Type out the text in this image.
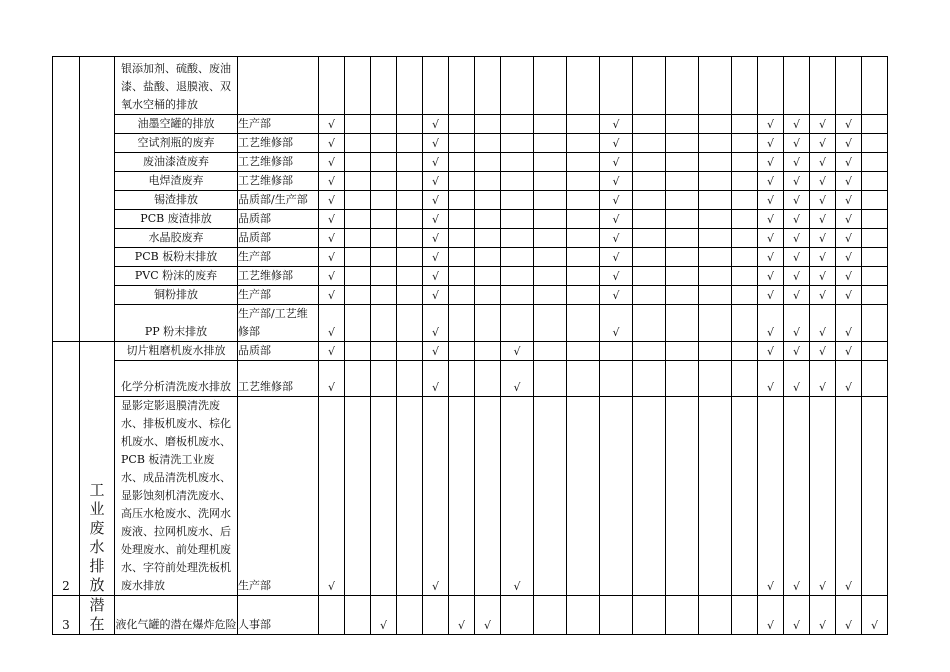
		银添加剂、硫酸、废油漆、盐酸、退膜液、双氧水空桶的排放																					
		油墨空罐的排放	生产部	√				√						√					√	√	√	√	
		空试剂瓶的废弃	工艺维修部	√				√						√					√	√	√	√	
		废油漆渣废弃	工艺维修部	√				√						√					√	√	√	√	
		电焊渣废弃	工艺维修部	√				√						√					√	√	√	√	
		锡渣排放	品质部/生产部	√				√						√					√	√	√	√	
		PCB 废渣排放	品质部	√				√						√					√	√	√	√	
		水晶胶废弃	品质部	√				√						√					√	√	√	√	
		PCB 板粉末排放	生产部	√				√						√					√	√	√	√	
		PVC 粉沫的废弃	工艺维修部	√				√						√					√	√	√	√	
		铜粉排放	生产部	√				√						√					√	√	√	√	
		PP 粉末排放	生产部/工艺维修部	√				√						√					√	√	√	√	
2	工业废水排放	切片粗磨机废水排放	品质部	√				√			√								√	√	√	√	
		化学分析清洗废水排放	工艺维修部	√				√			√								√	√	√	√	
		显影定影退膜清洗废水、排板机废水、棕化机废水、磨板机废水、PCB 板清洗工业废水、成品清洗机废水、显影蚀刻机清洗废水、高压水枪废水、洗网水废液、拉网机废水、后处理废水、前处理机废水、字符前处理洗板机废水排放	生产部	√				√			√								√	√	√	√	
3	潜在	液化气罐的潜在爆炸危险	人事部			√			√	√									√	√	√	√	√
